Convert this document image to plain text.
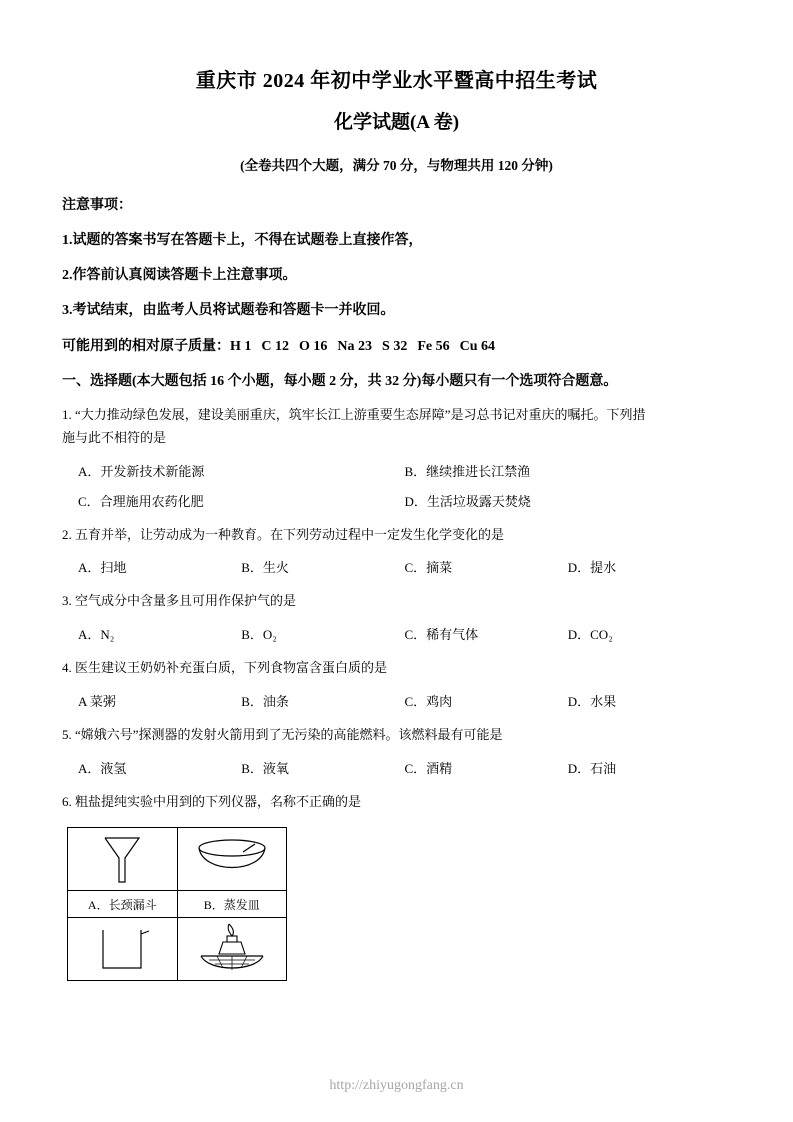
重庆市 2024 年初中学业水平暨高中招生考试
化学试题(A 卷)
(全卷共四个大题，满分 70 分，与物理共用 120 分钟)
注意事项：
1.试题的答案书写在答题卡上，不得在试题卷上直接作答，
2.作答前认真阅读答题卡上注意事项。
3.考试结束，由监考人员将试题卷和答题卡一并收回。
可能用到的相对原子质量：H 1 C 12 O 16 Na 23 S 32 Fe 56 Cu 64
一、选择题(本大题包括 16 个小题，每小题 2 分，共 32 分)每小题只有一个选项符合题意。
1. “大力推动绿色发展，建设美丽重庆，筑牢长江上游重要生态屏障”是习总书记对重庆的嘱托。下列措
施与此不相符的是
A．开发新技术新能源	B．继续推进长江禁渔
C．合理施用农药化肥	D．生活垃圾露天焚烧
2. 五育并举，让劳动成为一种教育。在下列劳动过程中一定发生化学变化的是
A．扫地	B．生火	C．摘菜	D．提水
3. 空气成分中含量多且可用作保护气的是
A．N₂	B．O₂	C．稀有气体	D．CO₂
4. 医生建议王奶奶补充蛋白质，下列食物富含蛋白质的是
A 菜粥	B．油条	C．鸡肉	D．水果
5. “嫦娥六号”探测器的发射火箭用到了无污染的高能燃料。该燃料最有可能是
A．液氢	B．液氧	C．酒精	D．石油
6. 粗盐提纯实验中用到的下列仪器，名称不正确的是

A．长颈漏斗	B．蒸发皿

http://zhiyugongfang.cn
